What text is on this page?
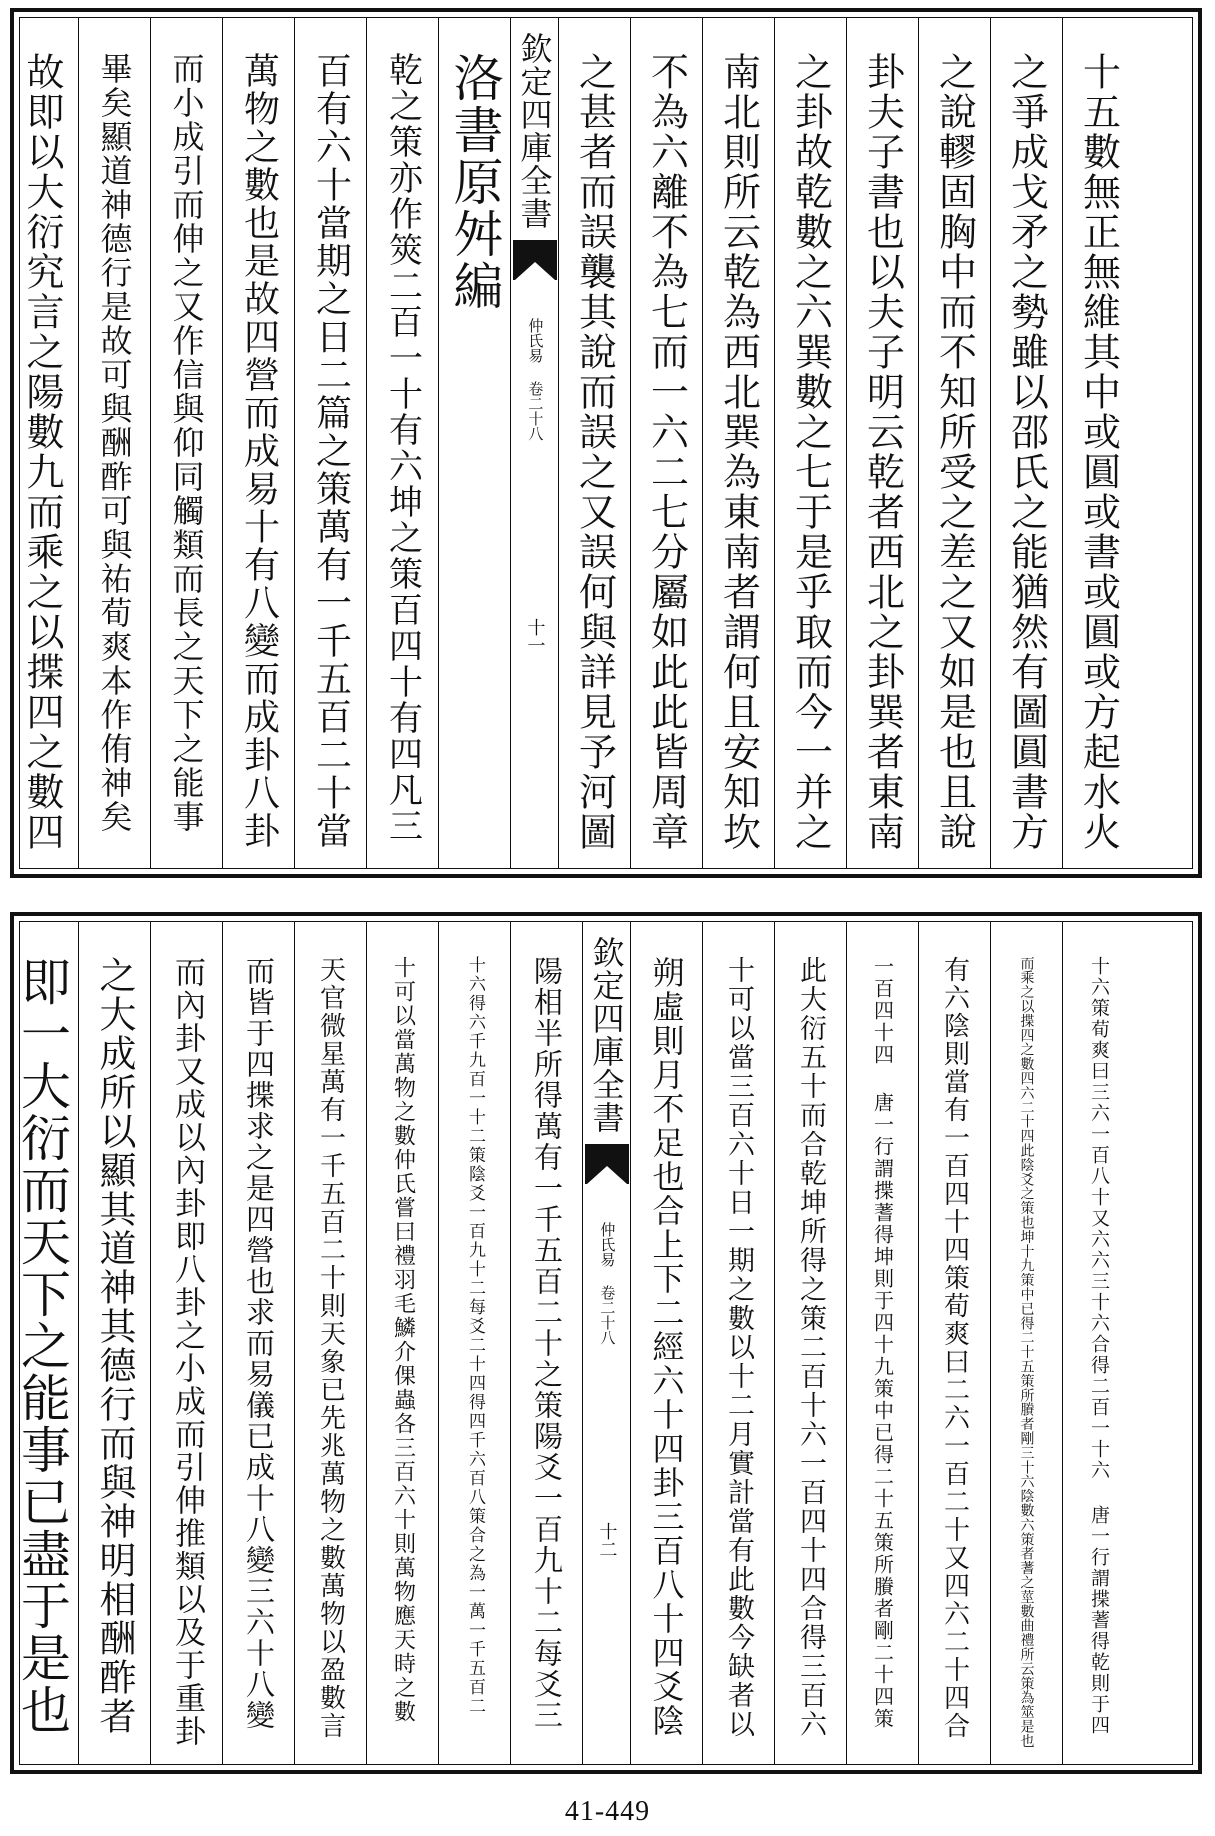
十五數無正無維其中或圓或書或圓或方起水火
之爭成戈矛之勢雖以邵氏之能猶然有圖圓書方
之說轇固胸中而不知所受之差之又如是也且說
卦夫子書也以夫子明云乾者西北之卦巽者東南
之卦故乾數之六巽數之七于是乎取而今一并之
南北則所云乾為西北巽為東南者謂何且安知坎
不為六離不為七而一六二七分屬如此此皆周章
之甚者而誤襲其說而誤之又誤何與詳見予河圖
欽定四庫全書
仲氏易 卷二十八
十一
洛書原舛編
乾之策亦作筴二百一十有六坤之策百四十有四凡三
百有六十當期之日二篇之策萬有一千五百二十當
萬物之數也是故四營而成易十有八變而成卦八卦
而小成引而伸之又作信與仰同觸類而長之天下之能事
畢矣顯道神德行是故可與酬酢可與祐荀爽本作侑神矣
故即以大衍究言之陽數九而乘之以揲四之數四
十六策荀爽曰三六一百八十又六六三十六合得二百一十六 唐一行謂揲蓍得乾則于四
而乘之以揲四之數四六二十四此陰爻之策也坤十九策中已得二十五策所賸者剛三十六陰數六策者蓍之莖數曲禮所云策為筮是也
有六陰則當有一百四十四策荀爽曰二六一百二十又四六二十四合
一百四十四 唐一行謂揲蓍得坤則于四十九策中已得二十五策所賸者剛二十四策
此大衍五十而合乾坤所得之策二百十六一百四十四合得三百六
十可以當三百六十日一期之數以十二月實計當有此數今缺者以
朔虛則月不足也合上下二經六十四卦三百八十四爻陰
欽定四庫全書
仲氏易 卷二十八
十二
陽相半所得萬有一千五百二十之策陽爻一百九十二每爻三
十六得六千九百一十二策陰爻一百九十二每爻二十四得四千六百八策合之為一萬一千五百二
十可以當萬物之數仲氏嘗曰禮羽毛鱗介倮蟲各三百六十則萬物應天時之數
天官微星萬有一千五百二十則天象已先兆萬物之數萬物以盈數言
而皆于四揲求之是四營也求而易儀已成十八變三六十八變
而內卦又成以內卦即八卦之小成而引伸推類以及于重卦
之大成所以顯其道神其德行而與神明相酬酢者
即一大衍而天下之能事已盡于是也
41-449
